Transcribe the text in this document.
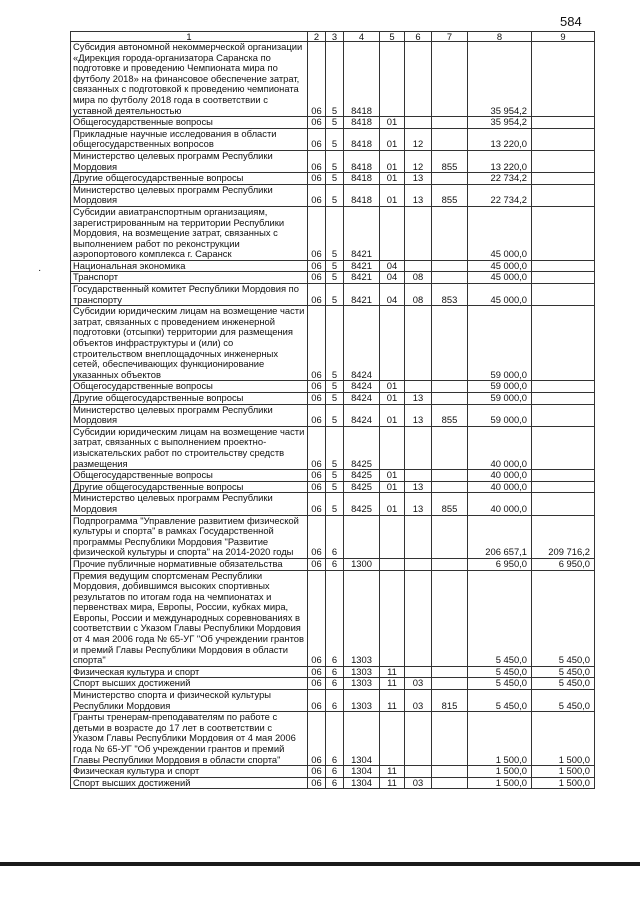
584
·
1	2	3	4	5	6	7	8	9
Субсидия автономной некоммерческой организации «Дирекция города-организатора Саранска по подготовке и проведению Чемпионата мира по футболу 2018» на финансовое обеспечение затрат, связанных с подготовкой к проведению чемпионата мира по футболу 2018 года в соответствии с уставной деятельностью	06	5	8418				35 954,2	
Общегосударственные вопросы	06	5	8418	01			35 954,2	
Прикладные научные исследования в области общегосударственных вопросов	06	5	8418	01	12		13 220,0	
Министерство целевых программ Республики Мордовия	06	5	8418	01	12	855	13 220,0	
Другие общегосударственные вопросы	06	5	8418	01	13		22 734,2	
Министерство целевых программ Республики Мордовия	06	5	8418	01	13	855	22 734,2	
Субсидии авиатранспортным организациям, зарегистрированным на территории Республики Мордовия, на возмещение затрат, связанных с выполнением работ по реконструкции аэропортового комплекса г. Саранск	06	5	8421				45 000,0	
Национальная экономика	06	5	8421	04			45 000,0	
Транспорт	06	5	8421	04	08		45 000,0	
Государственный комитет Республики Мордовия по транспорту	06	5	8421	04	08	853	45 000,0	
Субсидии юридическим лицам на возмещение части затрат, связанных с проведением инженерной подготовки (отсыпки) территории для размещения объектов инфраструктуры и (или) со строительством внеплощадочных инженерных сетей, обеспечивающих функционирование указанных объектов	06	5	8424				59 000,0	
Общегосударственные вопросы	06	5	8424	01			59 000,0	
Другие общегосударственные вопросы	06	5	8424	01	13		59 000,0	
Министерство целевых программ Республики Мордовия	06	5	8424	01	13	855	59 000,0	
Субсидии юридическим лицам на возмещение части затрат, связанных с выполнением проектно-изыскательских работ по строительству средств размещения	06	5	8425				40 000,0	
Общегосударственные вопросы	06	5	8425	01			40 000,0	
Другие общегосударственные вопросы	06	5	8425	01	13		40 000,0	
Министерство целевых программ Республики Мордовия	06	5	8425	01	13	855	40 000,0	
Подпрограмма "Управление развитием физической культуры и спорта" в рамках Государственной программы Республики Мордовия "Развитие физической культуры и спорта" на 2014-2020 годы	06	6					206 657,1	209 716,2
Прочие публичные нормативные обязательства	06	6	1300				6 950,0	6 950,0
Премия ведущим спортсменам Республики Мордовия, добившимся высоких спортивных результатов по итогам года на чемпионатах и первенствах мира, Европы, России, кубках мира, Европы, России и международных соревнованиях в соответствии с Указом Главы Республики Мордовия от 4 мая 2006 года № 65-УГ "Об учреждении грантов и премий Главы Республики Мордовия в области спорта"	06	6	1303				5 450,0	5 450,0
Физическая культура и спорт	06	6	1303	11			5 450,0	5 450,0
Спорт высших достижений	06	6	1303	11	03		5 450,0	5 450,0
Министерство спорта и физической культуры Республики Мордовия	06	6	1303	11	03	815	5 450,0	5 450,0
Гранты тренерам-преподавателям по работе с детьми в возрасте до 17 лет в соответствии с Указом Главы Республики Мордовия от 4 мая 2006 года № 65-УГ "Об учреждении грантов и премий Главы Республики Мордовия в области спорта"	06	6	1304				1 500,0	1 500,0
Физическая культура и спорт	06	6	1304	11			1 500,0	1 500,0
Спорт высших достижений	06	6	1304	11	03		1 500,0	1 500,0
